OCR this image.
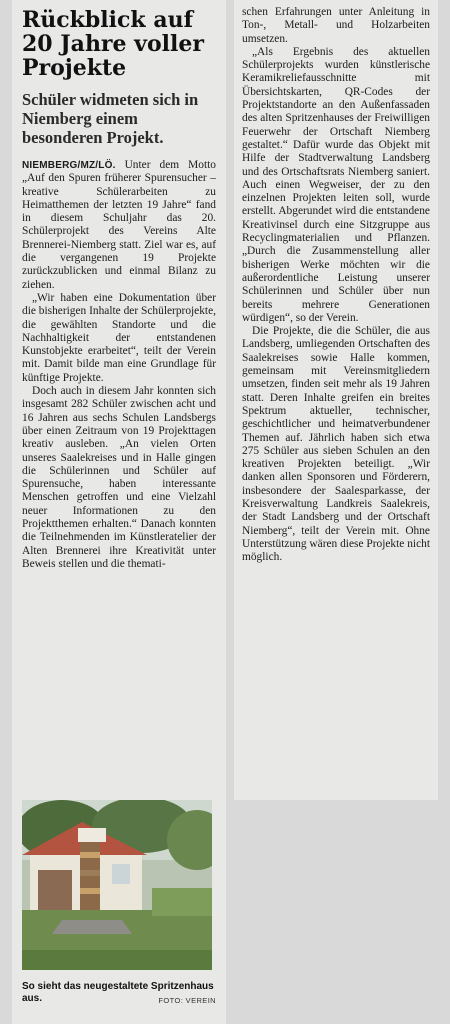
Rückblick auf 20 Jahre voller Projekte
Schüler widmeten sich in Niemberg einem besonderen Projekt.

NIEMBERG/MZ/LÖ. Unter dem Motto „Auf den Spuren früherer Spurensucher – kreative Schülerarbeiten zu Heimatthemen der letzten 19 Jahre“ fand in diesem Schuljahr das 20. Schülerprojekt des Vereins Alte Brennerei-Niemberg statt. Ziel war es, auf die vergangenen 19 Projekte zurückzublicken und einmal Bilanz zu ziehen.

„Wir haben eine Dokumentation über die bisherigen Inhalte der Schülerprojekte, die gewählten Standorte und die Nachhaltigkeit der entstandenen Kunstobjekte erarbeitet“, teilt der Verein mit. Damit bilde man eine Grundlage für künftige Projekte.

Doch auch in diesem Jahr konnten sich insgesamt 282 Schüler zwischen acht und 16 Jahren aus sechs Schulen Landsbergs über einen Zeitraum von 19 Projekttagen kreativ ausleben. „An vielen Orten unseres Saalekreises und in Halle gingen die Schülerinnen und Schüler auf Spurensuche, haben interessante Menschen getroffen und eine Vielzahl neuer Informationen zu den Projektthemen erhalten.“ Danach konnten die Teilnehmenden im Künstleratelier der Alten Brennerei ihre Kreativität unter Beweis stellen und die themati-

So sieht das neugestaltete Spritzenhaus aus.	FOTO: VEREIN

schen Erfahrungen unter Anleitung in Ton-, Metall- und Holzarbeiten umsetzen.

„Als Ergebnis des aktuellen Schülerprojekts wurden künstlerische Keramikreliefausschnitte mit Übersichtskarten, QR-Codes der Projektstandorte an den Außenfassaden des alten Spritzenhauses der Freiwilligen Feuerwehr der Ortschaft Niemberg gestaltet.“ Dafür wurde das Objekt mit Hilfe der Stadtverwaltung Landsberg und des Ortschaftsrats Niemberg saniert. Auch einen Wegweiser, der zu den einzelnen Projekten leiten soll, wurde erstellt. Abgerundet wird die entstandene Kreativinsel durch eine Sitzgruppe aus Recyclingmaterialien und Pflanzen. „Durch die Zusammenstellung aller bisherigen Werke möchten wir die außerordentliche Leistung unserer Schülerinnen und Schüler über nun bereits mehrere Generationen würdigen“, so der Verein.

Die Projekte, die die Schüler, die aus Landsberg, umliegenden Ortschaften des Saalekreises sowie Halle kommen, gemeinsam mit Vereinsmitgliedern umsetzen, finden seit mehr als 19 Jahren statt. Deren Inhalte greifen ein breites Spektrum aktueller, technischer, geschichtlicher und heimatverbundener Themen auf. Jährlich haben sich etwa 275 Schüler aus sieben Schulen an den kreativen Projekten beteiligt. „Wir danken allen Sponsoren und Förderern, insbesondere der Saalesparkasse, der Kreisverwaltung Landkreis Saalekreis, der Stadt Landsberg und der Ortschaft Niemberg“, teilt der Verein mit. Ohne Unterstützung wären diese Projekte nicht möglich.
